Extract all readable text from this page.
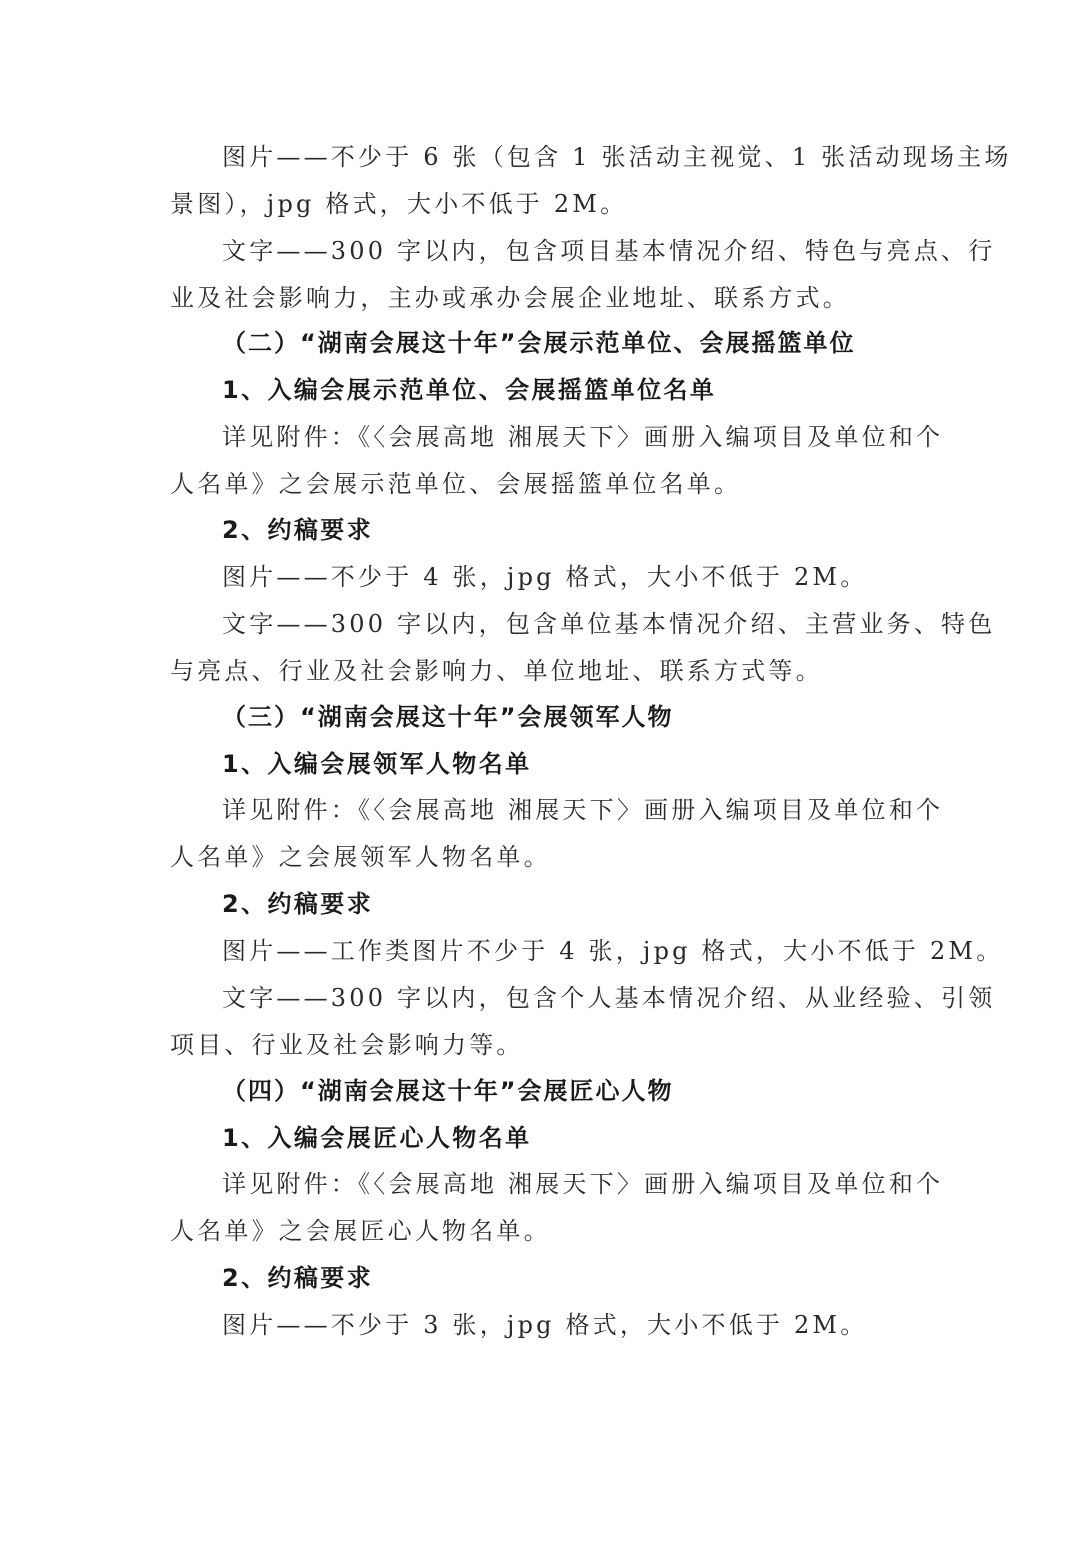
图片——不少于 6 张（包含 1 张活动主视觉、1 张活动现场主场
景图），jpg 格式，大小不低于 2M。
文字——300 字以内，包含项目基本情况介绍、特色与亮点、行
业及社会影响力，主办或承办会展企业地址、联系方式。
（二）“湖南会展这十年”会展示范单位、会展摇篮单位
1、入编会展示范单位、会展摇篮单位名单
详见附件：《〈会展高地 湘展天下〉画册入编项目及单位和个
人名单》之会展示范单位、会展摇篮单位名单。
2、约稿要求
图片——不少于 4 张，jpg 格式，大小不低于 2M。
文字——300 字以内，包含单位基本情况介绍、主营业务、特色
与亮点、行业及社会影响力、单位地址、联系方式等。
（三）“湖南会展这十年”会展领军人物
1、入编会展领军人物名单
详见附件：《〈会展高地 湘展天下〉画册入编项目及单位和个
人名单》之会展领军人物名单。
2、约稿要求
图片——工作类图片不少于 4 张，jpg 格式，大小不低于 2M。
文字——300 字以内，包含个人基本情况介绍、从业经验、引领
项目、行业及社会影响力等。
（四）“湖南会展这十年”会展匠心人物
1、入编会展匠心人物名单
详见附件：《〈会展高地 湘展天下〉画册入编项目及单位和个
人名单》之会展匠心人物名单。
2、约稿要求
图片——不少于 3 张，jpg 格式，大小不低于 2M。
